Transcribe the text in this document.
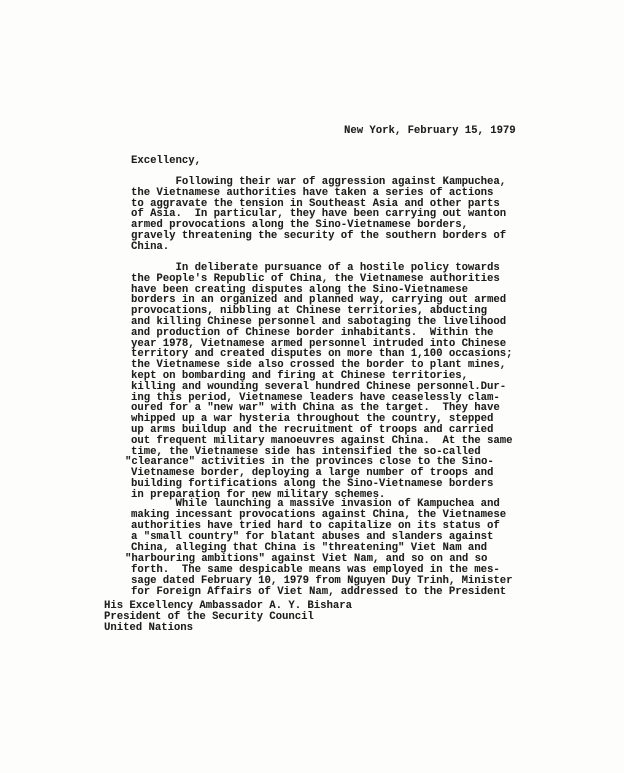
New York, February 15, 1979
Excellency,
Following their war of aggression against Kampuchea,
the Vietnamese authorities have taken a series of actions
to aggravate the tension in Southeast Asia and other parts
of Asia.  In particular, they have been carrying out wanton
armed provocations along the Sino-Vietnamese borders,
gravely threatening the security of the southern borders of
China.
In deliberate pursuance of a hostile policy towards
the People's Republic of China, the Vietnamese authorities
have been creating disputes along the Sino-Vietnamese
borders in an organized and planned way, carrying out armed
provocations, nibbling at Chinese territories, abducting
and killing Chinese personnel and sabotaging the livelihood
and production of Chinese border inhabitants.  Within the
year 1978, Vietnamese armed personnel intruded into Chinese
territory and created disputes on more than 1,100 occasions;
the Vietnamese side also crossed the border to plant mines,
kept on bombarding and firing at Chinese territories,
killing and wounding several hundred Chinese personnel.Dur-
ing this period, Vietnamese leaders have ceaselessly clam-
oured for a "new war" with China as the target.  They have
whipped up a war hysteria throughout the country, stepped
up arms buildup and the recruitment of troops and carried
out frequent military manoeuvres against China.  At the same
time, the Vietnamese side has intensified the so-called
"clearance" activities in the provinces close to the Sino-
Vietnamese border, deploying a large number of troops and
building fortifications along the Sino-Vietnamese borders
in preparation for new military schemes.
While launching a massive invasion of Kampuchea and
making incessant provocations against China, the Vietnamese
authorities have tried hard to capitalize on its status of
a "small country" for blatant abuses and slanders against
China, alleging that China is "threatening" Viet Nam and
"harbouring ambitions" against Viet Nam, and so on and so
forth.  The same despicable means was employed in the mes-
sage dated February 10, 1979 from Nguyen Duy Trinh, Minister
for Foreign Affairs of Viet Nam, addressed to the President
His Excellency Ambassador A. Y. Bishara
President of the Security Council
United Nations
